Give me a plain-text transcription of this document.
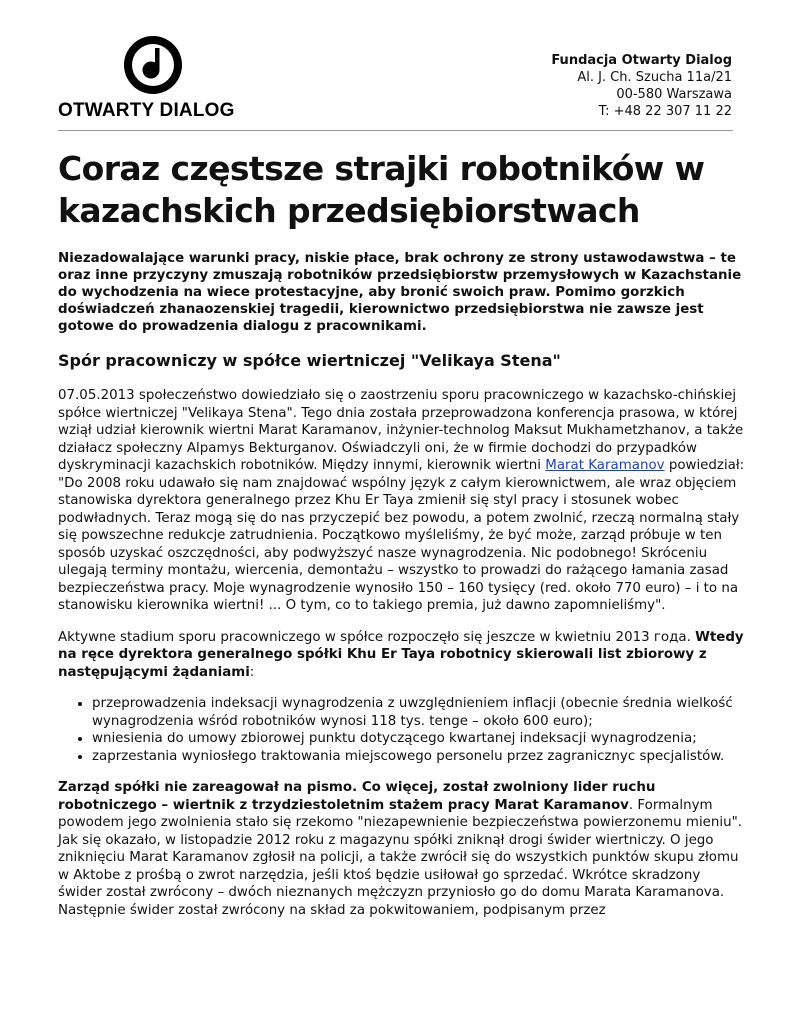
OTWARTY DIALOG
Fundacja Otwarty Dialog
Al. J. Ch. Szucha 11a/21
00-580 Warszawa
T: +48 22 307 11 22
Coraz częstsze strajki robotników w kazachskich przedsiębiorstwach

Niezadowalające warunki pracy, niskie płace, brak ochrony ze strony ustawodawstwa – te oraz inne przyczyny zmuszają robotników przedsiębiorstw przemysłowych w Kazachstanie do wychodzenia na wiece protestacyjne, aby bronić swoich praw. Pomimo gorzkich doświadczeń zhanaozenskiej tragedii, kierownictwo przedsiębiorstwa nie zawsze jest gotowe do prowadzenia dialogu z pracownikami.

Spór pracowniczy w spółce wiertniczej "Velikaya Stena"

07.05.2013 społeczeństwo dowiedziało się o zaostrzeniu sporu pracowniczego w kazachsko-chińskiej spółce wiertniczej "Velikaya Stena". Tego dnia została przeprowadzona konferencja prasowa, w której wziął udział kierownik wiertni Marat Karamanov, inżynier-technolog Maksut Mukhametzhanov, a także działacz społeczny Alpamys Bekturganov. Oświadczyli oni, że w firmie dochodzi do przypadków dyskryminacji kazachskich robotników. Między innymi, kierownik wiertni Marat Karamanov powiedział: "Do 2008 roku udawało się nam znajdować wspólny język z całym kierownictwem, ale wraz objęciem stanowiska dyrektora generalnego przez Khu Er Taya zmienił się styl pracy i stosunek wobec podwładnych. Teraz mogą się do nas przyczepić bez powodu, a potem zwolnić, rzeczą normalną stały się powszechne redukcje zatrudnienia. Początkowo myśleliśmy, że być może, zarząd próbuje w ten sposób uzyskać oszczędności, aby podwyższyć nasze wynagrodzenia. Nic podobnego! Skróceniu ulegają terminy montażu, wiercenia, demontażu – wszystko to prowadzi do rażącego łamania zasad bezpieczeństwa pracy. Moje wynagrodzenie wynosiło 150 – 160 tysięcy (red. około 770 euro) – i to na stanowisku kierownika wiertni! ... O tym, co to takiego premia, już dawno zapomnieliśmy".

Aktywne stadium sporu pracowniczego w spółce rozpoczęło się jeszcze w kwietniu 2013 года. Wtedy na ręce dyrektora generalnego spółki Khu Er Taya robotnicy skierowali list zbiorowy z następującymi żądaniami:

• przeprowadzenia indeksacji wynagrodzenia z uwzględnieniem inflacji (obecnie średnia wielkość wynagrodzenia wśród robotników wynosi 118 tys. tenge – około 600 euro);
• wniesienia do umowy zbiorowej punktu dotyczącego kwartanej indeksacji wynagrodzenia;
• zaprzestania wyniosłego traktowania miejscowego personelu przez zagranicznyc specjalistów.

Zarząd spółki nie zareagował na pismo. Co więcej, został zwolniony lider ruchu robotniczego – wiertnik z trzydziestoletnim stażem pracy Marat Karamanov. Formalnym powodem jego zwolnienia stało się rzekomo "niezapewnienie bezpieczeństwa powierzonemu mieniu". Jak się okazało, w listopadzie 2012 roku z magazynu spółki zniknął drogi świder wiertniczy. O jego zniknięciu Marat Karamanov zgłosił na policji, a także zwrócił się do wszystkich punktów skupu złomu w Aktobe z prośbą o zwrot narzędzia, jeśli ktoś będzie usiłował go sprzedać. Wkrótce skradzony świder został zwrócony – dwóch nieznanych mężczyzn przyniosło go do domu Marata Karamanova. Następnie świder został zwrócony na skład za pokwitowaniem, podpisanym przez
